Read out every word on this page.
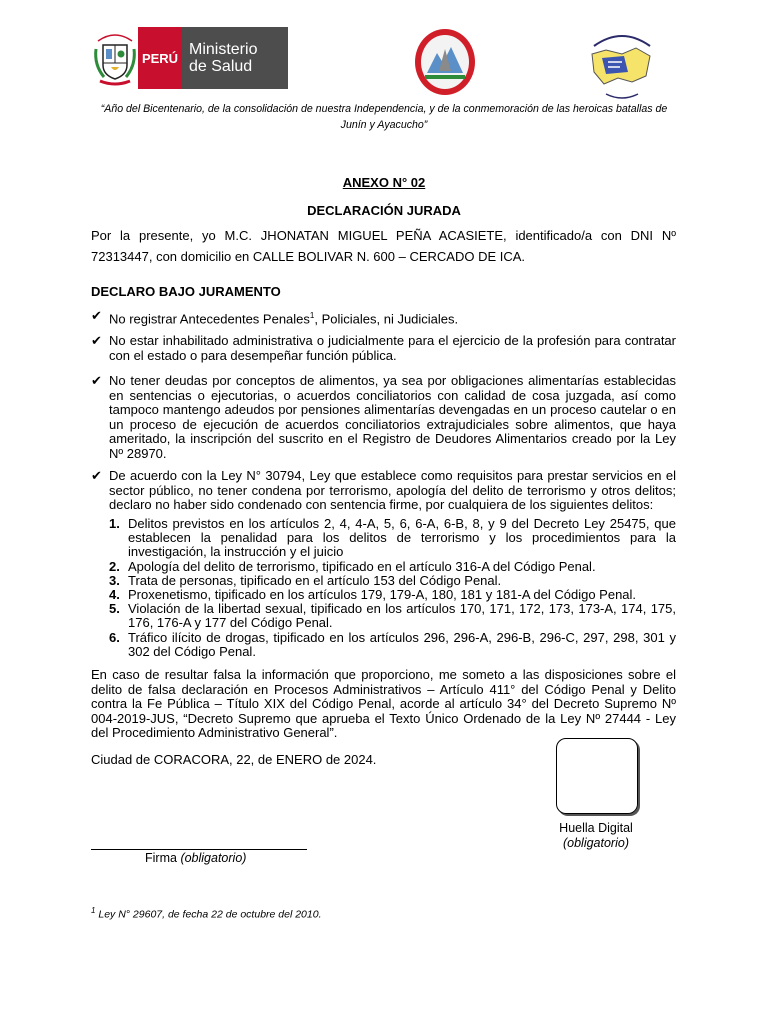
PERÚ Ministerio
de Salud
“Año del Bicentenario, de la consolidación de nuestra Independencia, y de la conmemoración de las heroicas batallas de Junín y Ayacucho”
ANEXO N° 02
DECLARACIÓN JURADA
Por la presente, yo M.C. JHONATAN MIGUEL PEÑA ACASIETE, identificado/a con DNI Nº
72313447, con domicilio en CALLE BOLIVAR N. 600 – CERCADO DE ICA.
DECLARO BAJO JURAMENTO
✔ No registrar Antecedentes Penales$^1$, Policiales, ni Judiciales.
✔ No estar inhabilitado administrativa o judicialmente para el ejercicio de la profesión para contratar con el estado o para desempeñar función pública.
✔ No tener deudas por conceptos de alimentos, ya sea por obligaciones alimentarías establecidas en sentencias o ejecutorias, o acuerdos conciliatorios con calidad de cosa juzgada, así como tampoco mantengo adeudos por pensiones alimentarías devengadas en un proceso cautelar o en un proceso de ejecución de acuerdos conciliatorios extrajudiciales sobre alimentos, que haya ameritado, la inscripción del suscrito en el Registro de Deudores Alimentarios creado por la Ley Nº 28970.
✔ De acuerdo con la Ley N° 30794, Ley que establece como requisitos para prestar servicios en el sector público, no tener condena por terrorismo, apología del delito de terrorismo y otros delitos; declaro no haber sido condenado con sentencia firme, por cualquiera de los siguientes delitos:
1. Delitos previstos en los artículos 2, 4, 4-A, 5, 6, 6-A, 6-B, 8, y 9 del Decreto Ley 25475, que establecen la penalidad para los delitos de terrorismo y los procedimientos para la investigación, la instrucción y el juicio
2. Apología del delito de terrorismo, tipificado en el artículo 316-A del Código Penal.
3. Trata de personas, tipificado en el artículo 153 del Código Penal.
4. Proxenetismo, tipificado en los artículos 179, 179-A, 180, 181 y 181-A del Código Penal.
5. Violación de la libertad sexual, tipificado en los artículos 170, 171, 172, 173, 173-A, 174, 175, 176, 176-A y 177 del Código Penal.
6. Tráfico ilícito de drogas, tipificado en los artículos 296, 296-A, 296-B, 296-C, 297, 298, 301 y 302 del Código Penal.
En caso de resultar falsa la información que proporciono, me someto a las disposiciones sobre el delito de falsa declaración en Procesos Administrativos – Artículo 411° del Código Penal y Delito contra la Fe Pública – Título XIX del Código Penal, acorde al artículo 34° del Decreto Supremo Nº 004-2019-JUS, “Decreto Supremo que aprueba el Texto Único Ordenado de la Ley Nº 27444 - Ley del Procedimiento Administrativo General”.
Ciudad de CORACORA, 22, de ENERO de 2024.
Huella Digital
(obligatorio)
Firma (obligatorio)
$^1$ Ley N° 29607, de fecha 22 de octubre del 2010.
